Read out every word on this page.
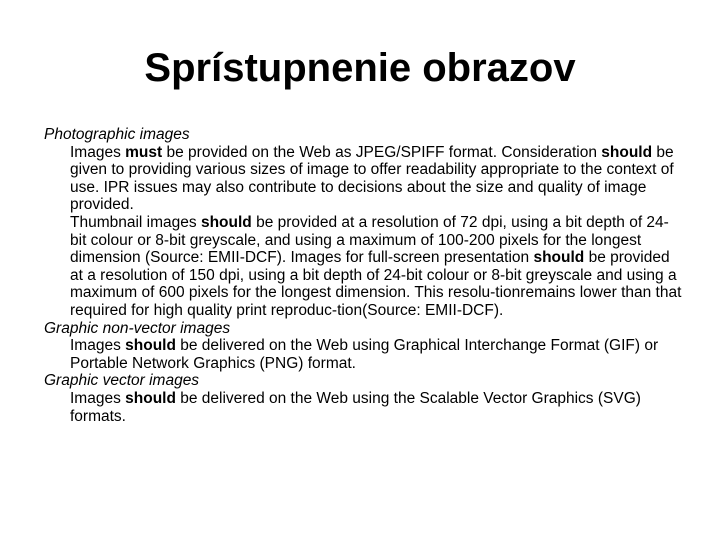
Sprístupnenie obrazov

Photographic images

Images must be provided on the Web as JPEG/SPIFF format. Consideration should be given to providing various sizes of image to offer readability appropriate to the context of use. IPR issues may also contribute to decisions about the size and quality of image provided.

Thumbnail images should be provided at a resolution of 72 dpi, using a bit depth of 24-bit colour or 8-bit greyscale, and using a maximum of 100-200 pixels for the longest dimension (Source: EMII-DCF). Images for full-screen presentation should be provided at a resolution of 150 dpi, using a bit depth of 24-bit colour or 8-bit greyscale and using a maximum of 600 pixels for the longest dimension. This resolu-tionremains lower than that required for high quality print reproduc-tion(Source: EMII-DCF).

Graphic non-vector images

Images should be delivered on the Web using Graphical Interchange Format (GIF) or Portable Network Graphics (PNG) format.

Graphic vector images

Images should be delivered on the Web using the Scalable Vector Graphics (SVG) formats.
